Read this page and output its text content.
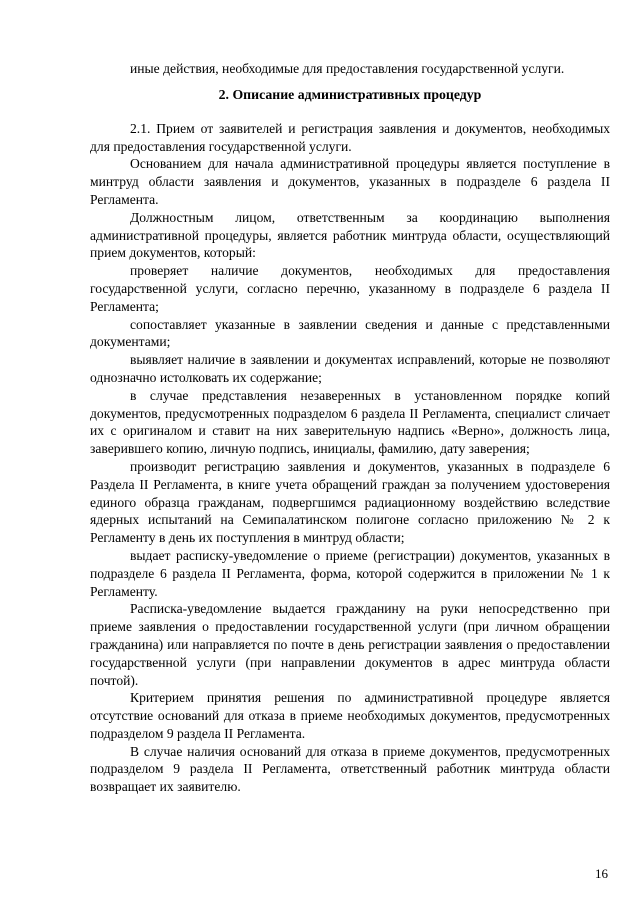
иные действия, необходимые для предоставления государственной услуги.

2. Описание административных процедур

2.1. Прием от заявителей и регистрация заявления и документов, необходимых для предоставления государственной услуги.

Основанием для начала административной процедуры является поступление в минтруд области заявления и документов, указанных в подразделе 6 раздела II Регламента.

Должностным лицом, ответственным за координацию выполнения административной процедуры, является работник минтруда области, осуществляющий прием документов, который:

проверяет наличие документов, необходимых для предоставления государственной услуги, согласно перечню, указанному в подразделе 6 раздела II Регламента;

сопоставляет указанные в заявлении сведения и данные с представленными документами;

выявляет наличие в заявлении и документах исправлений, которые не позволяют однозначно истолковать их содержание;

в случае представления незаверенных в установленном порядке копий документов, предусмотренных подразделом 6 раздела II Регламента, специалист сличает их с оригиналом и ставит на них заверительную надпись «Верно», должность лица, заверившего копию, личную подпись, инициалы, фамилию, дату заверения;

производит регистрацию заявления и документов, указанных в подразделе 6 Раздела II Регламента, в книге учета обращений граждан за получением удостоверения единого образца гражданам, подвергшимся радиационному воздействию вследствие ядерных испытаний на Семипалатинском полигоне согласно приложению № 2 к Регламенту в день их поступления в минтруд области;

выдает расписку-уведомление о приеме (регистрации) документов, указанных в подразделе 6 раздела II Регламента, форма, которой содержится в приложении № 1 к Регламенту.

Расписка-уведомление выдается гражданину на руки непосредственно при приеме заявления о предоставлении государственной услуги (при личном обращении гражданина) или направляется по почте в день регистрации заявления о предоставлении государственной услуги (при направлении документов в адрес минтруда области почтой).

Критерием принятия решения по административной процедуре является отсутствие оснований для отказа в приеме необходимых документов, предусмотренных подразделом 9 раздела II Регламента.

В случае наличия оснований для отказа в приеме документов, предусмотренных подразделом 9 раздела II Регламента, ответственный работник минтруда области возвращает их заявителю.

16
